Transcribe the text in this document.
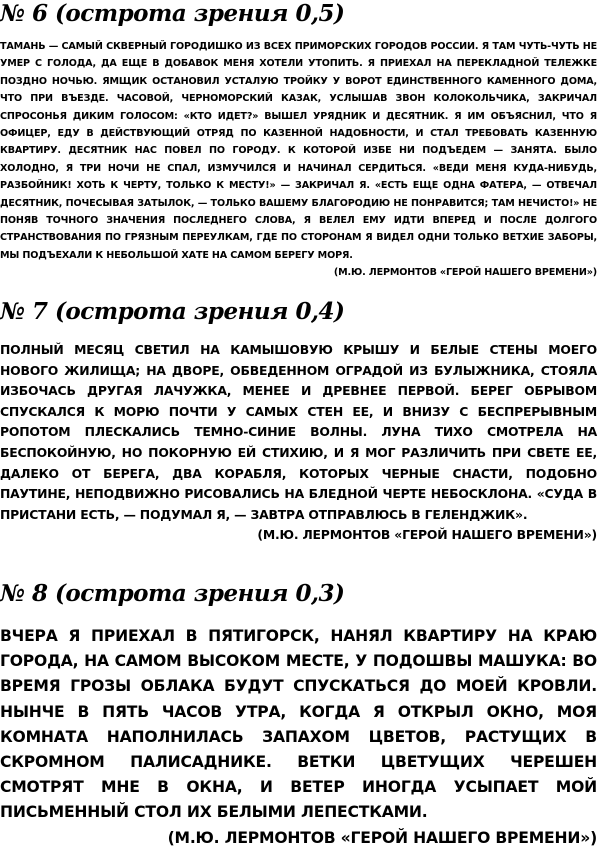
№ 6 (острота зрения 0,5)

ТАМАНЬ — САМЫЙ СКВЕРНЫЙ ГОРОДИШКО ИЗ ВСЕХ ПРИМОРСКИХ ГОРОДОВ РОССИИ. Я ТАМ ЧУТЬ-ЧУТЬ НЕ УМЕР С ГОЛОДА, ДА ЕЩЕ В ДОБАВОК МЕНЯ ХОТЕЛИ УТОПИТЬ. Я ПРИЕХАЛ НА ПЕРЕКЛАДНОЙ ТЕЛЕЖКЕ ПОЗДНО НОЧЬЮ. ЯМЩИК ОСТАНОВИЛ УСТАЛУЮ ТРОЙКУ У ВОРОТ ЕДИНСТВЕННОГО КАМЕННОГО ДОМА, ЧТО ПРИ ВЪЕЗДЕ. ЧАСОВОЙ, ЧЕРНОМОРСКИЙ КАЗАК, УСЛЫШАВ ЗВОН КОЛОКОЛЬЧИКА, ЗАКРИЧАЛ СПРОСОНЬЯ ДИКИМ ГОЛОСОМ: «КТО ИДЕТ?» ВЫШЕЛ УРЯДНИК И ДЕСЯТНИК. Я ИМ ОБЪЯСНИЛ, ЧТО Я ОФИЦЕР, ЕДУ В ДЕЙСТВУЮЩИЙ ОТРЯД ПО КАЗЕННОЙ НАДОБНОСТИ, И СТАЛ ТРЕБОВАТЬ КАЗЕННУЮ КВАРТИРУ. ДЕСЯТНИК НАС ПОВЕЛ ПО ГОРОДУ. К КОТОРОЙ ИЗБЕ НИ ПОДЪЕДЕМ — ЗАНЯТА. БЫЛО ХОЛОДНО, Я ТРИ НОЧИ НЕ СПАЛ, ИЗМУЧИЛСЯ И НАЧИНАЛ СЕРДИТЬСЯ. «ВЕДИ МЕНЯ КУДА-НИБУДЬ, РАЗБОЙНИК! ХОТЬ К ЧЕРТУ, ТОЛЬКО К МЕСТУ!» — ЗАКРИЧАЛ Я. «ЕСТЬ ЕЩЕ ОДНА ФАТЕРА, — ОТВЕЧАЛ ДЕСЯТНИК, ПОЧЕСЫВАЯ ЗАТЫЛОК, — ТОЛЬКО ВАШЕМУ БЛАГОРОДИЮ НЕ ПОНРАВИТСЯ; ТАМ НЕЧИСТО!» НЕ ПОНЯВ ТОЧНОГО ЗНАЧЕНИЯ ПОСЛЕДНЕГО СЛОВА, Я ВЕЛЕЛ ЕМУ ИДТИ ВПЕРЕД И ПОСЛЕ ДОЛГОГО СТРАНСТВОВАНИЯ ПО ГРЯЗНЫМ ПЕРЕУЛКАМ, ГДЕ ПО СТОРОНАМ Я ВИДЕЛ ОДНИ ТОЛЬКО ВЕТХИЕ ЗАБОРЫ, МЫ ПОДЪЕХАЛИ К НЕБОЛЬШОЙ ХАТЕ НА САМОМ БЕРЕГУ МОРЯ.

(М.Ю. ЛЕРМОНТОВ «ГЕРОЙ НАШЕГО ВРЕМЕНИ»)
№ 7 (острота зрения 0,4)

ПОЛНЫЙ МЕСЯЦ СВЕТИЛ НА КАМЫШОВУЮ КРЫШУ И БЕЛЫЕ СТЕНЫ МОЕГО НОВОГО ЖИЛИЩА; НА ДВОРЕ, ОБВЕДЕННОМ ОГРАДОЙ ИЗ БУЛЫЖНИКА, СТОЯЛА ИЗБОЧАСЬ ДРУГАЯ ЛАЧУЖКА, МЕНЕЕ И ДРЕВНЕЕ ПЕРВОЙ. БЕРЕГ ОБРЫВОМ СПУСКАЛСЯ К МОРЮ ПОЧТИ У САМЫХ СТЕН ЕЕ, И ВНИЗУ С БЕСПРЕРЫВНЫМ РОПОТОМ ПЛЕСКАЛИСЬ ТЕМНО-СИНИЕ ВОЛНЫ. ЛУНА ТИХО СМОТРЕЛА НА БЕСПОКОЙНУЮ, НО ПОКОРНУЮ ЕЙ СТИХИЮ, И Я МОГ РАЗЛИЧИТЬ ПРИ СВЕТЕ ЕЕ, ДАЛЕКО ОТ БЕРЕГА, ДВА КОРАБЛЯ, КОТОРЫХ ЧЕРНЫЕ СНАСТИ, ПОДОБНО ПАУТИНЕ, НЕПОДВИЖНО РИСОВАЛИСЬ НА БЛЕДНОЙ ЧЕРТЕ НЕБОСКЛОНА. «СУДА В ПРИСТАНИ ЕСТЬ, — ПОДУМАЛ Я, — ЗАВТРА ОТПРАВЛЮСЬ В ГЕЛЕНДЖИК».

(М.Ю. ЛЕРМОНТОВ «ГЕРОЙ НАШЕГО ВРЕМЕНИ»)
№ 8 (острота зрения 0,3)

ВЧЕРА Я ПРИЕХАЛ В ПЯТИГОРСК, НАНЯЛ КВАРТИРУ НА КРАЮ ГОРОДА, НА САМОМ ВЫСОКОМ МЕСТЕ, У ПОДОШВЫ МАШУКА: ВО ВРЕМЯ ГРОЗЫ ОБЛАКА БУДУТ СПУСКАТЬСЯ ДО МОЕЙ КРОВЛИ. НЫНЧЕ В ПЯТЬ ЧАСОВ УТРА, КОГДА Я ОТКРЫЛ ОКНО, МОЯ КОМНАТА НАПОЛНИЛАСЬ ЗАПАХОМ ЦВЕТОВ, РАСТУЩИХ В СКРОМНОМ ПАЛИСАДНИКЕ. ВЕТКИ ЦВЕТУЩИХ ЧЕРЕШЕН СМОТРЯТ МНЕ В ОКНА, И ВЕТЕР ИНОГДА УСЫПАЕТ МОЙ ПИСЬМЕННЫЙ СТОЛ ИХ БЕЛЫМИ ЛЕПЕСТКАМИ.

(М.Ю. ЛЕРМОНТОВ «ГЕРОЙ НАШЕГО ВРЕМЕНИ»)
